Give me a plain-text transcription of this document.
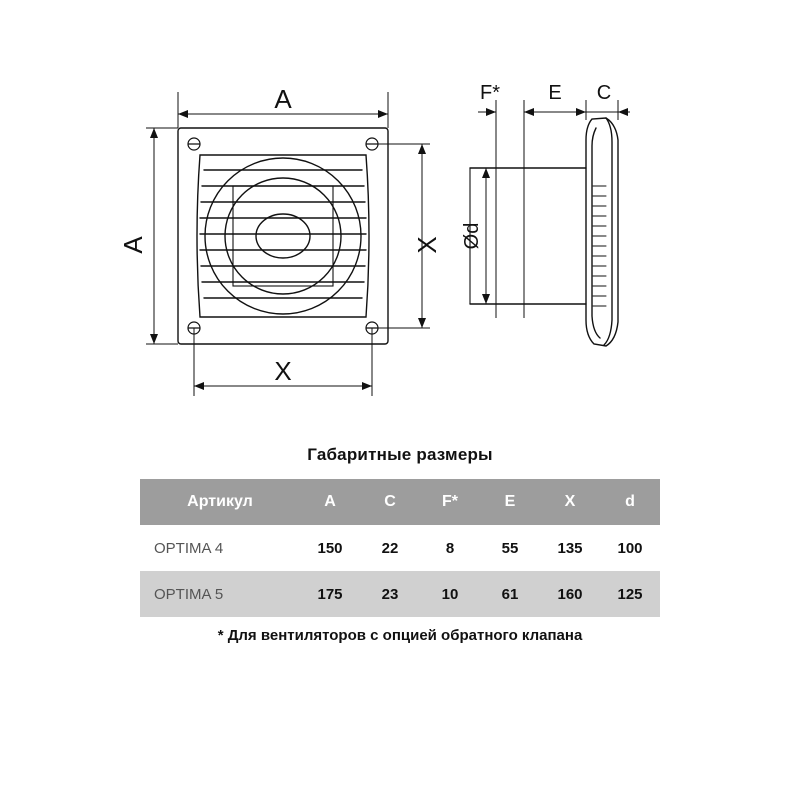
A
A	X
X
F* E C
Ød
Габаритные размеры
Артикул	A	C	F*	E	X	d
OPTIMA 4	150	22	8	55	135	100
OPTIMA 5	175	23	10	61	160	125
* Для вентиляторов с опцией обратного клапана
